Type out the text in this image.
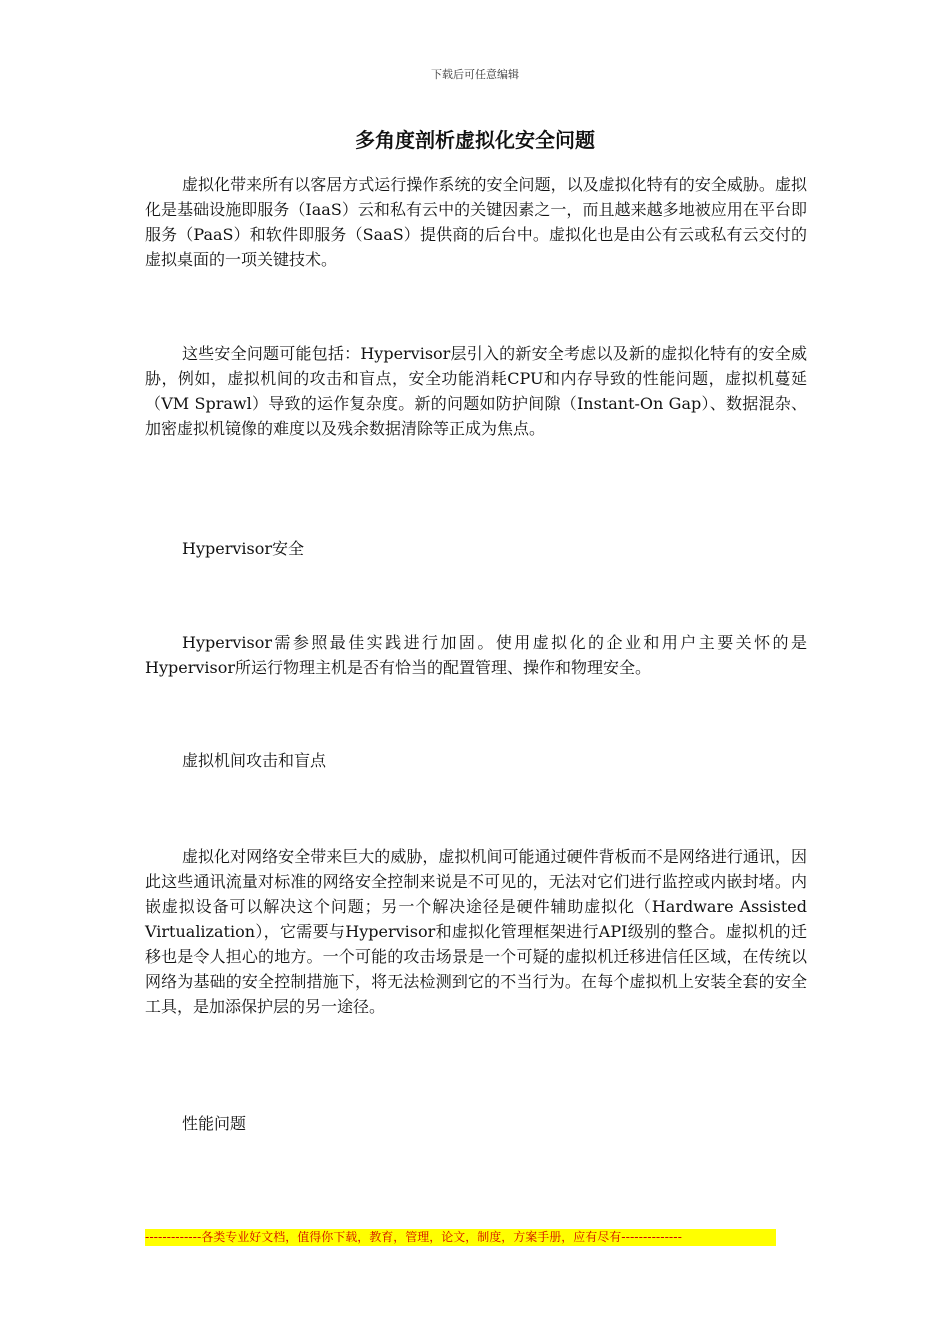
下载后可任意编辑
多角度剖析虚拟化安全问题

虚拟化带来所有以客居方式运行操作系统的安全问题，以及虚拟化特有的安全威胁。虚拟化是基础设施即服务（IaaS）云和私有云中的关键因素之一，而且越来越多地被应用在平台即服务（PaaS）和软件即服务（SaaS）提供商的后台中。虚拟化也是由公有云或私有云交付的虚拟桌面的一项关键技术。

这些安全问题可能包括：Hypervisor层引入的新安全考虑以及新的虚拟化特有的安全威胁，例如，虚拟机间的攻击和盲点，安全功能消耗CPU和内存导致的性能问题，虚拟机蔓延（VM Sprawl）导致的运作复杂度。新的问题如防护间隙（Instant-On Gap）、数据混杂、加密虚拟机镜像的难度以及残余数据清除等正成为焦点。

Hypervisor安全

Hypervisor需参照最佳实践进行加固。使用虚拟化的企业和用户主要关怀的是Hypervisor所运行物理主机是否有恰当的配置管理、操作和物理安全。

虚拟机间攻击和盲点

虚拟化对网络安全带来巨大的威胁，虚拟机间可能通过硬件背板而不是网络进行通讯，因此这些通讯流量对标准的网络安全控制来说是不可见的，无法对它们进行监控或内嵌封堵。内嵌虚拟设备可以解决这个问题；另一个解决途径是硬件辅助虚拟化（Hardware Assisted Virtualization），它需要与Hypervisor和虚拟化管理框架进行API级别的整合。虚拟机的迁移也是令人担心的地方。一个可能的攻击场景是一个可疑的虚拟机迁移进信任区域，在传统以网络为基础的安全控制措施下，将无法检测到它的不当行为。在每个虚拟机上安装全套的安全工具，是加添保护层的另一途径。

性能问题

-------------各类专业好文档，值得你下载，教育，管理，论文，制度，方案手册，应有尽有--------------
